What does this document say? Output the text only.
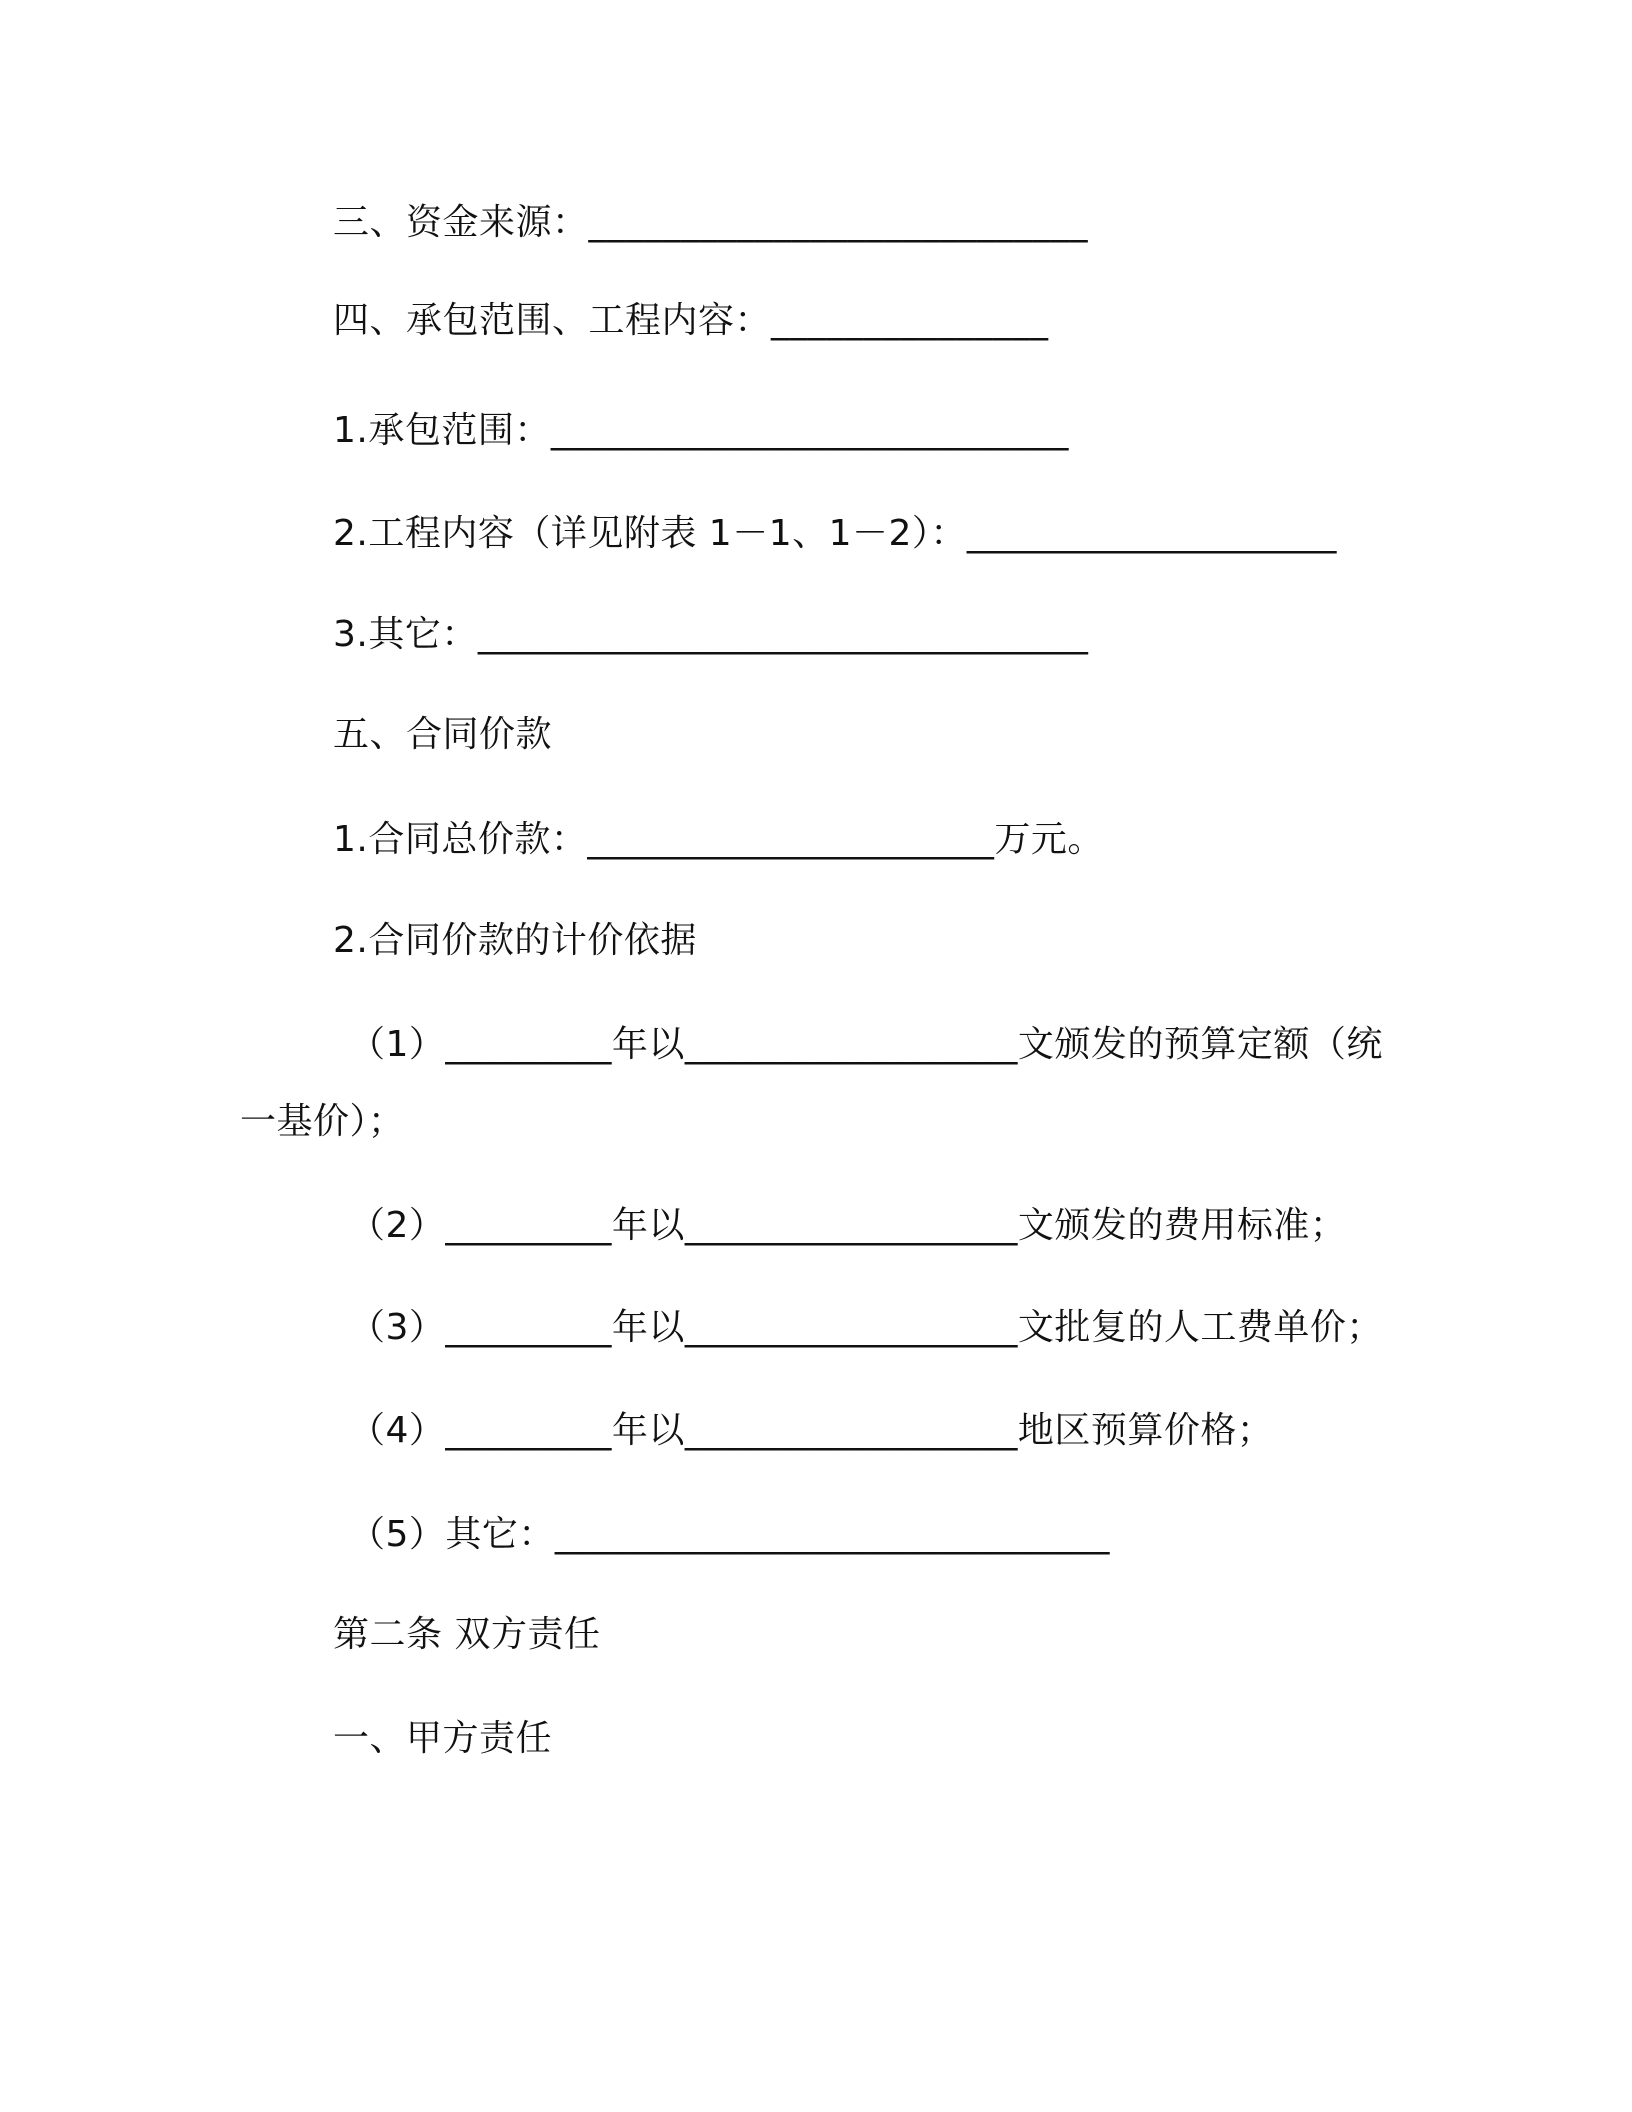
三、资金来源：___________________________
四、承包范围、工程内容：_______________
1.承包范围：____________________________
2.工程内容（详见附表 1－1、1－2）：____________________
3.其它：_________________________________
五、合同价款
1.合同总价款：______________________万元。
2.合同价款的计价依据
（1）_________年以__________________文颁发的预算定额（统
一基价）；
（2）_________年以__________________文颁发的费用标准；
（3）_________年以__________________文批复的人工费单价；
（4）_________年以__________________地区预算价格；
（5）其它：______________________________
第二条 双方责任
一、甲方责任
